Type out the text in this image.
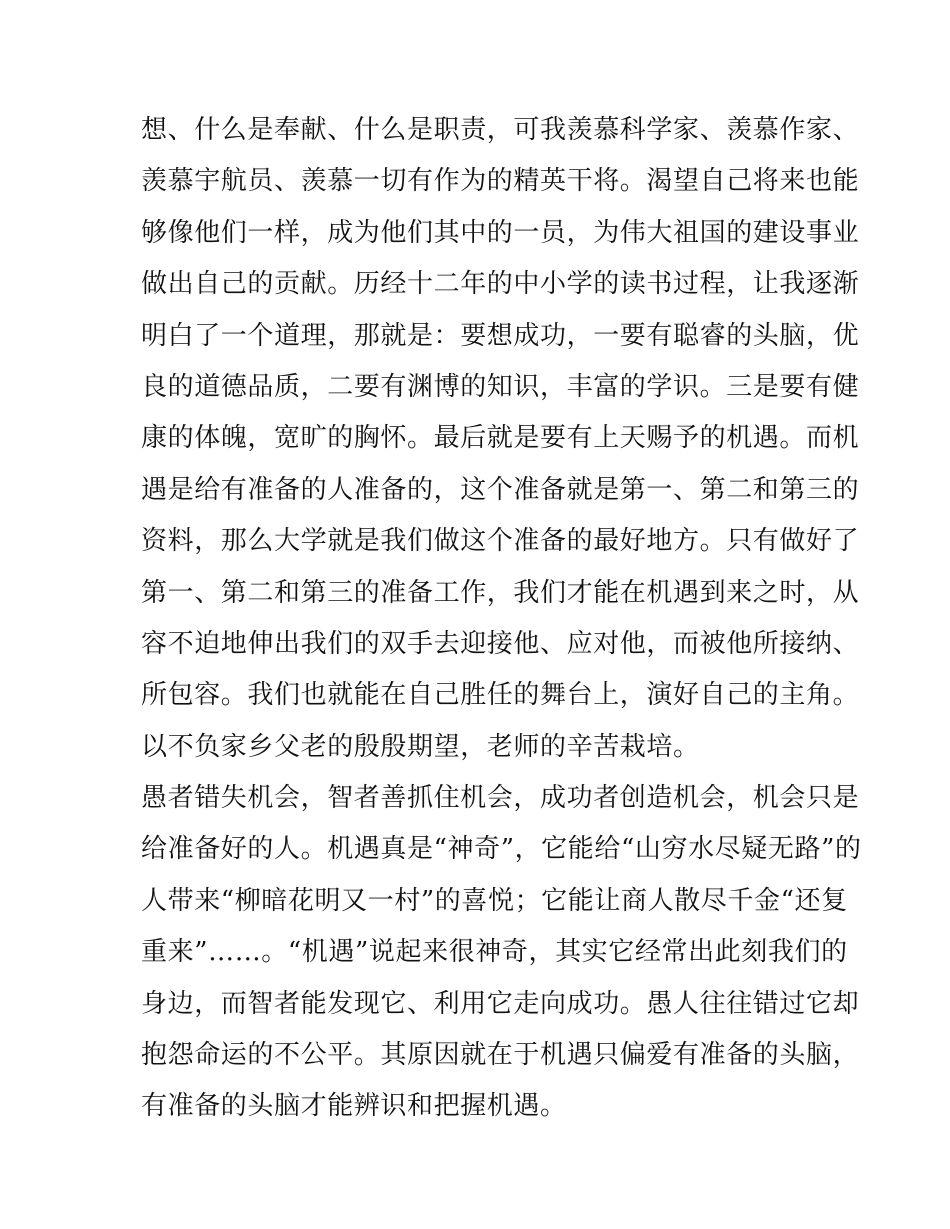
想、什么是奉献、什么是职责，可我羡慕科学家、羡慕作家、
羡慕宇航员、羡慕一切有作为的精英干将。渴望自己将来也能
够像他们一样，成为他们其中的一员，为伟大祖国的建设事业
做出自己的贡献。历经十二年的中小学的读书过程，让我逐渐
明白了一个道理，那就是：要想成功，一要有聪睿的头脑，优
良的道德品质，二要有渊博的知识，丰富的学识。三是要有健
康的体魄，宽旷的胸怀。最后就是要有上天赐予的机遇。而机
遇是给有准备的人准备的，这个准备就是第一、第二和第三的
资料，那么大学就是我们做这个准备的最好地方。只有做好了
第一、第二和第三的准备工作，我们才能在机遇到来之时，从
容不迫地伸出我们的双手去迎接他、应对他，而被他所接纳、
所包容。我们也就能在自己胜任的舞台上，演好自己的主角。
以不负家乡父老的殷殷期望，老师的辛苦栽培。
愚者错失机会，智者善抓住机会，成功者创造机会，机会只是
给准备好的人。机遇真是“神奇”，它能给“山穷水尽疑无路”的
人带来“柳暗花明又一村”的喜悦；它能让商人散尽千金“还复
重来”……。“机遇”说起来很神奇，其实它经常出此刻我们的
身边，而智者能发现它、利用它走向成功。愚人往往错过它却
抱怨命运的不公平。其原因就在于机遇只偏爱有准备的头脑，
有准备的头脑才能辨识和把握机遇。
